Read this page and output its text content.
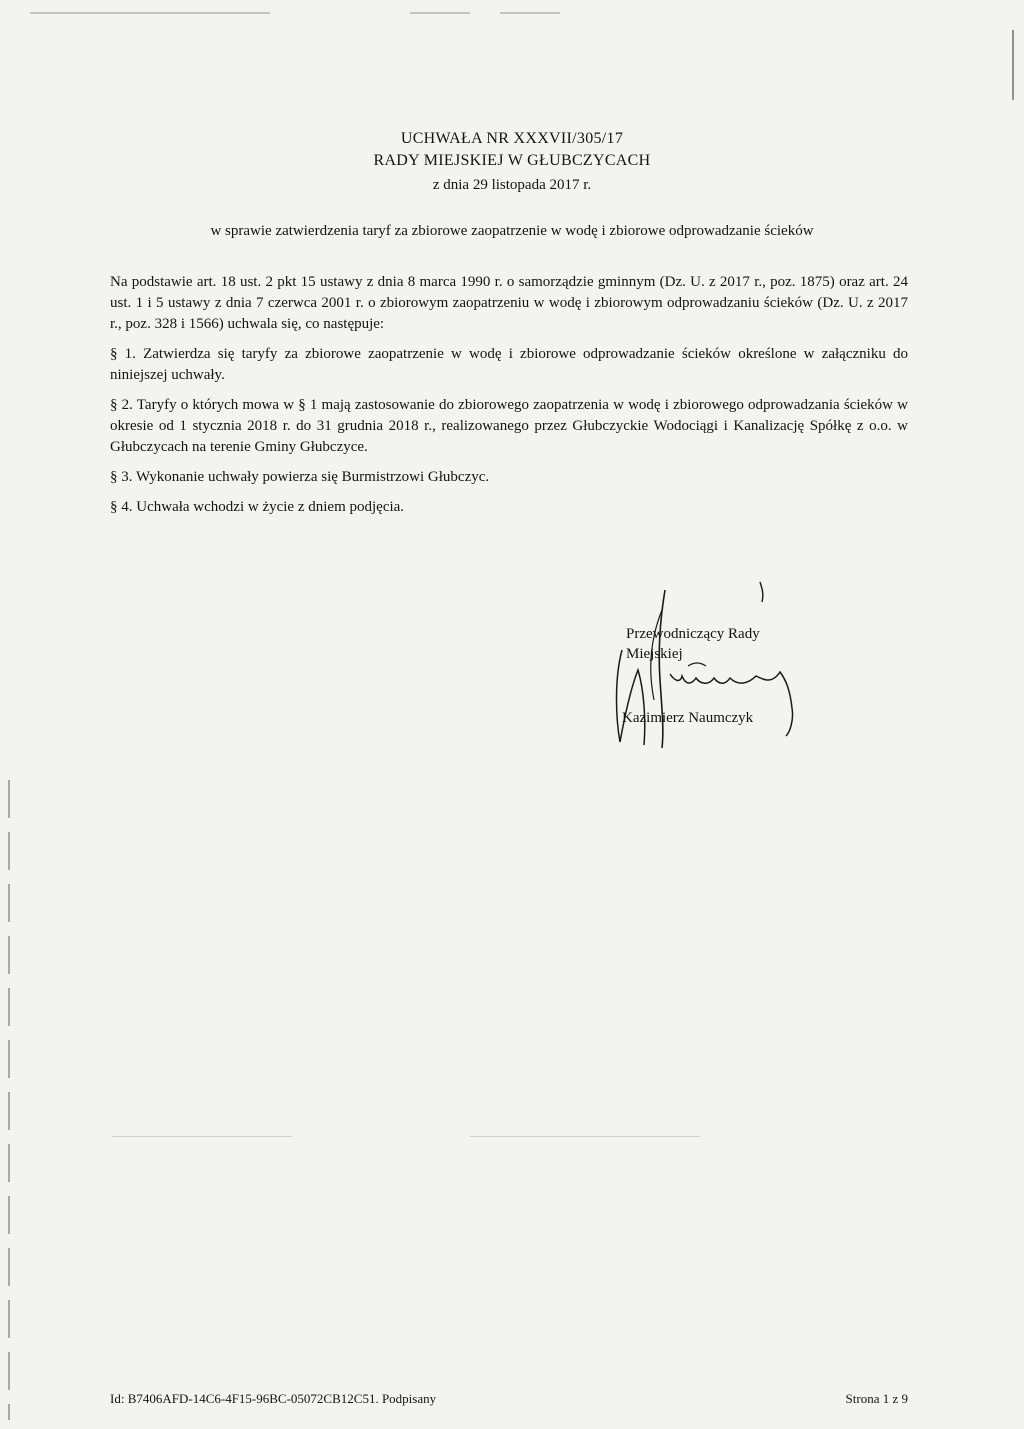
UCHWAŁA NR XXXVII/305/17

RADY MIEJSKIEJ W GŁUBCZYCACH

z dnia 29 listopada 2017 r.

w sprawie zatwierdzenia taryf za zbiorowe zaopatrzenie w wodę i zbiorowe odprowadzanie ścieków

Na podstawie art. 18 ust. 2 pkt 15 ustawy z dnia 8 marca 1990 r. o samorządzie gminnym (Dz. U. z 2017 r., poz. 1875) oraz art. 24 ust. 1 i 5 ustawy z dnia 7 czerwca 2001 r. o zbiorowym zaopatrzeniu w wodę i zbiorowym odprowadzaniu ścieków (Dz. U. z 2017 r., poz. 328 i 1566) uchwala się, co następuje:

§ 1. Zatwierdza się taryfy za zbiorowe zaopatrzenie w wodę i zbiorowe odprowadzanie ścieków określone w załączniku do niniejszej uchwały.

§ 2. Taryfy o których mowa w § 1 mają zastosowanie do zbiorowego zaopatrzenia w wodę i zbiorowego odprowadzania ścieków w okresie od 1 stycznia 2018 r. do 31 grudnia 2018 r., realizowanego przez Głubczyckie Wodociągi i Kanalizację Spółkę z o.o. w Głubczycach na terenie Gminy Głubczyce.

§ 3. Wykonanie uchwały powierza się Burmistrzowi Głubczyc.

§ 4. Uchwała wchodzi w życie z dniem podjęcia.

Przewodniczący Rady Miejskiej
Kazimierz Naumczyk
Id: B7406AFD-14C6-4F15-96BC-05072CB12C51. Podpisany	Strona 1 z 9
